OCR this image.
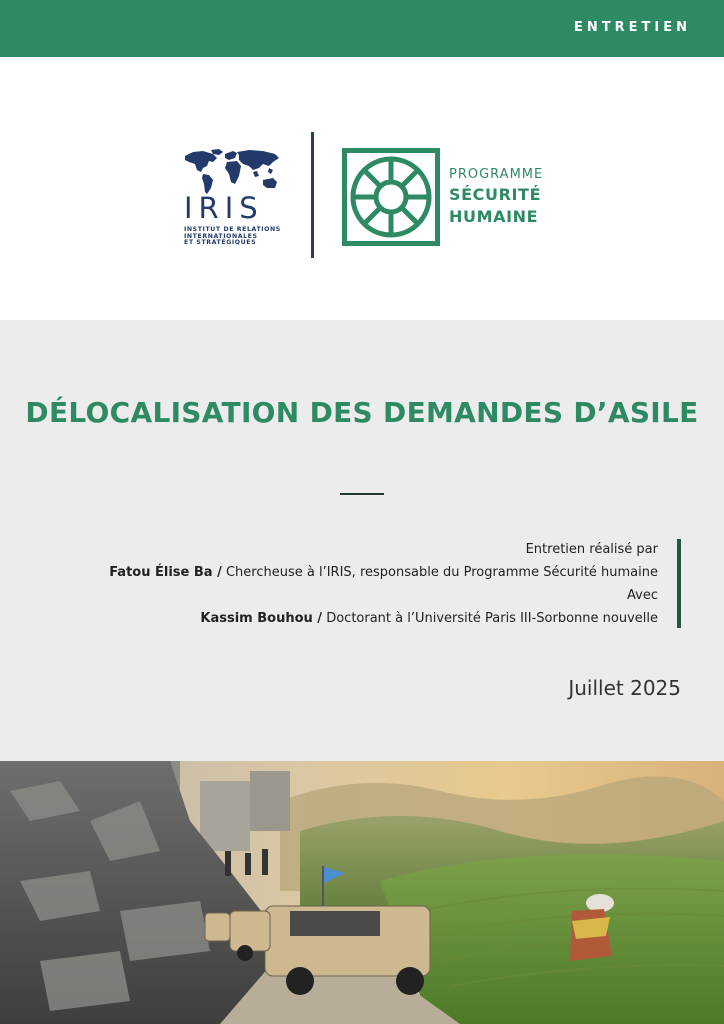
ENTRETIEN
IRIS
INSTITUT DE RELATIONS
INTERNATIONALES
ET STRATÉGIQUES
PROGRAMME
SÉCURITÉ
HUMAINE
DÉLOCALISATION DES DEMANDES D’ASILE
Entretien réalisé par
Fatou Élise Ba / Chercheuse à l’IRIS, responsable du Programme Sécurité humaine
Avec
Kassim Bouhou / Doctorant à l’Université Paris III-Sorbonne nouvelle
Juillet 2025
